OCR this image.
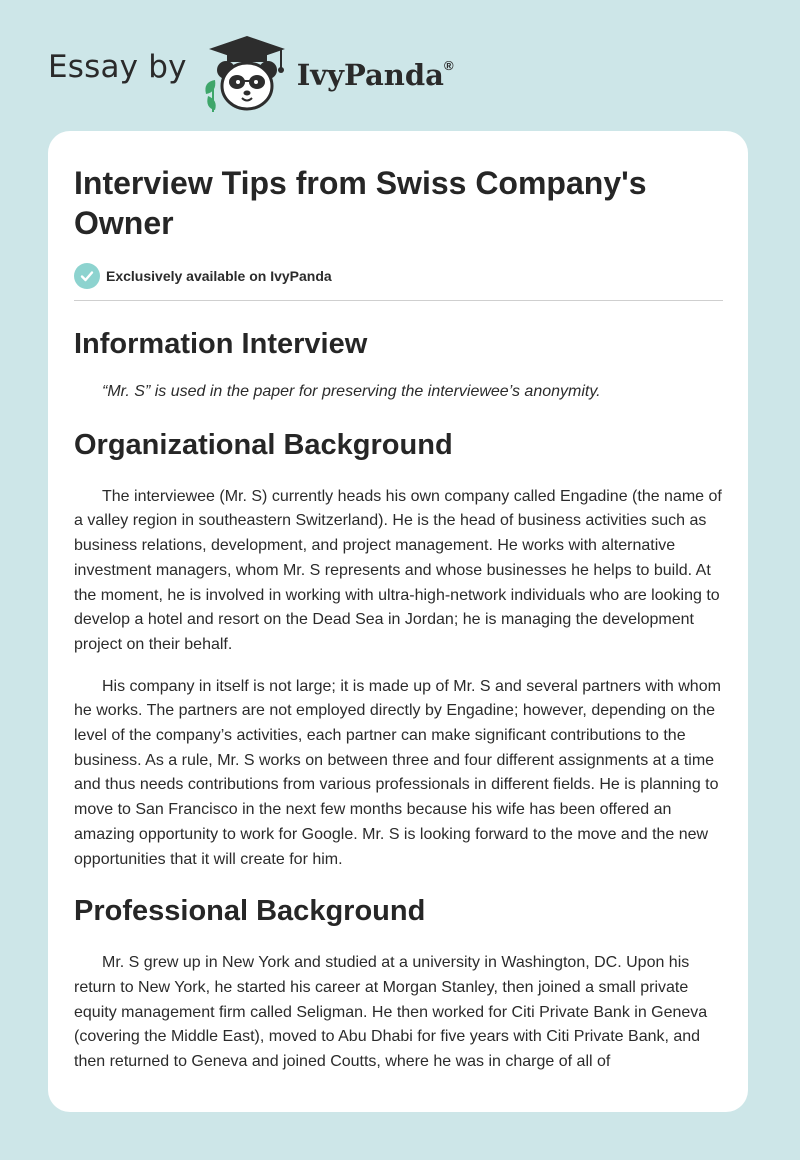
Essay by	IvyPanda®
Interview Tips from Swiss Company's Owner
Exclusively available on IvyPanda
Information Interview

“Mr. S” is used in the paper for preserving the interviewee’s anonymity.

Organizational Background

The interviewee (Mr. S) currently heads his own company called Engadine (the name of a valley region in southeastern Switzerland). He is the head of business activities such as business relations, development, and project management. He works with alternative investment managers, whom Mr. S represents and whose businesses he helps to build. At the moment, he is involved in working with ultra-high-network individuals who are looking to develop a hotel and resort on the Dead Sea in Jordan; he is managing the development project on their behalf.

His company in itself is not large; it is made up of Mr. S and several partners with whom he works. The partners are not employed directly by Engadine; however, depending on the level of the company’s activities, each partner can make significant contributions to the business. As a rule, Mr. S works on between three and four different assignments at a time and thus needs contributions from various professionals in different fields. He is planning to move to San Francisco in the next few months because his wife has been offered an amazing opportunity to work for Google. Mr. S is looking forward to the move and the new opportunities that it will create for him.

Professional Background

Mr. S grew up in New York and studied at a university in Washington, DC. Upon his return to New York, he started his career at Morgan Stanley, then joined a small private equity management firm called Seligman. He then worked for Citi Private Bank in Geneva (covering the Middle East), moved to Abu Dhabi for five years with Citi Private Bank, and then returned to Geneva and joined Coutts, where he was in charge of all of
